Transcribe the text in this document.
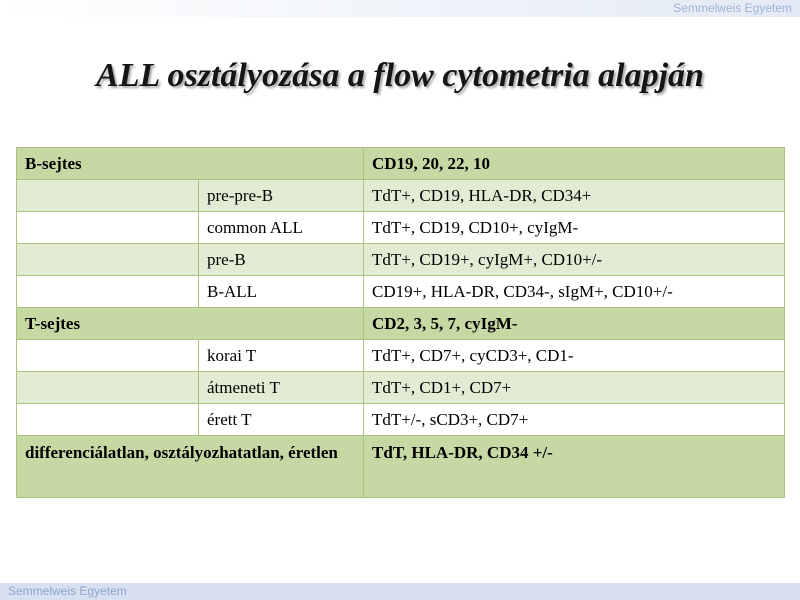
Semmelweis Egyetem
ALL osztályozása a flow cytometria alapján
B-sejtes		CD19, 20, 22, 10
	pre-pre-B	TdT+, CD19, HLA-DR, CD34+
	common ALL	TdT+, CD19, CD10+, cyIgM-
	pre-B	TdT+, CD19+, cyIgM+, CD10+/-
	B-ALL	CD19+, HLA-DR, CD34-, sIgM+, CD10+/-
T-sejtes		CD2, 3, 5, 7, cyIgM-
	korai T	TdT+, CD7+, cyCD3+, CD1-
	átmeneti T	TdT+, CD1+, CD7+
	érett T	TdT+/-, sCD3+, CD7+
differenciálatlan, osztályozhatatlan, éretlen		TdT, HLA-DR, CD34 +/-
Semmelweis Egyetem
